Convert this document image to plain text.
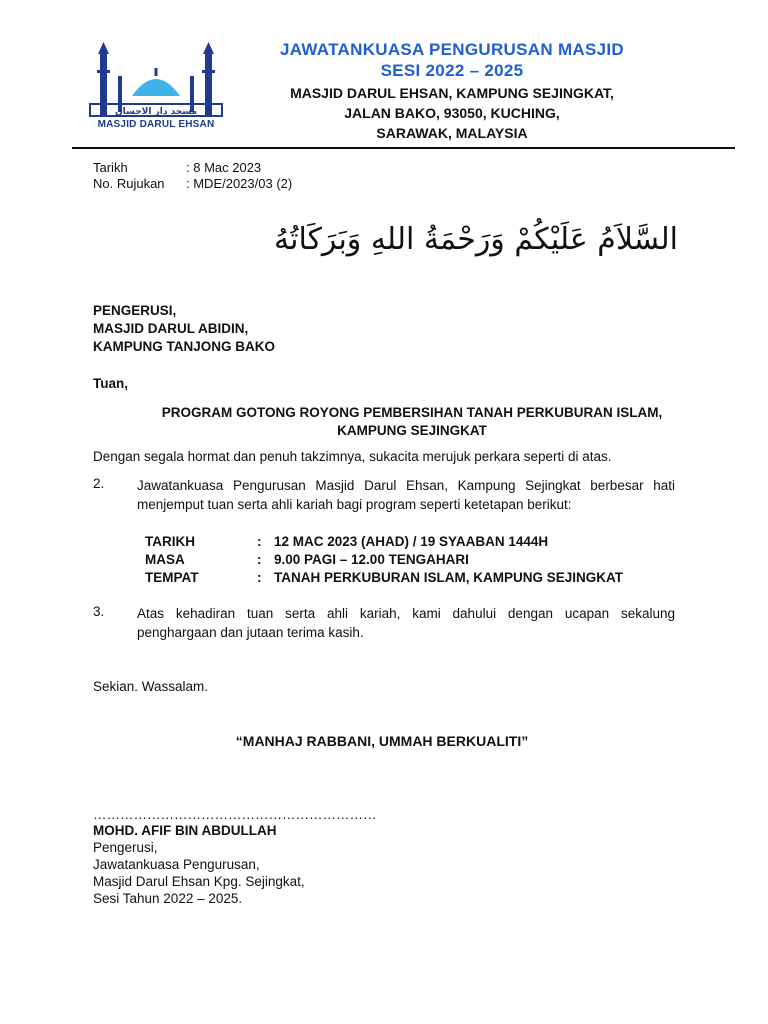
مسجد دار الاحسان
MASJID DARUL EHSAN
JAWATANKUASA PENGURUSAN MASJID
SESI 2022 – 2025
MASJID DARUL EHSAN, KAMPUNG SEJINGKAT,
JALAN BAKO, 93050, KUCHING,
SARAWAK, MALAYSIA
Tarikh	: 8 Mac 2023
No. Rujukan : MDE/2023/03 (2)
السَّلاَمُ عَلَيْكُمْ وَرَحْمَةُ اللهِ وَبَرَكَاتُهُ
PENGERUSI,
MASJID DARUL ABIDIN,
KAMPUNG TANJONG BAKO
Tuan,
PROGRAM GOTONG ROYONG PEMBERSIHAN TANAH PERKUBURAN ISLAM,
KAMPUNG SEJINGKAT
Dengan segala hormat dan penuh takzimnya, sukacita merujuk perkara seperti di atas.
2. Jawatankuasa Pengurusan Masjid Darul Ehsan, Kampung Sejingkat berbesar hati menjemput tuan serta ahli kariah bagi program seperti ketetapan berikut:
TARIKH	: 12 MAC 2023 (AHAD) / 19 SYAABAN 1444H
MASA	: 9.00 PAGI – 12.00 TENGAHARI
TEMPAT	: TANAH PERKUBURAN ISLAM, KAMPUNG SEJINGKAT
3. Atas kehadiran tuan serta ahli kariah, kami dahului dengan ucapan sekalung penghargaan dan jutaan terima kasih.
Sekian. Wassalam.
“MANHAJ RABBANI, UMMAH BERKUALITI”
………………………………………………………
MOHD. AFIF BIN ABDULLAH
Pengerusi,
Jawatankuasa Pengurusan,
Masjid Darul Ehsan Kpg. Sejingkat,
Sesi Tahun 2022 – 2025.
